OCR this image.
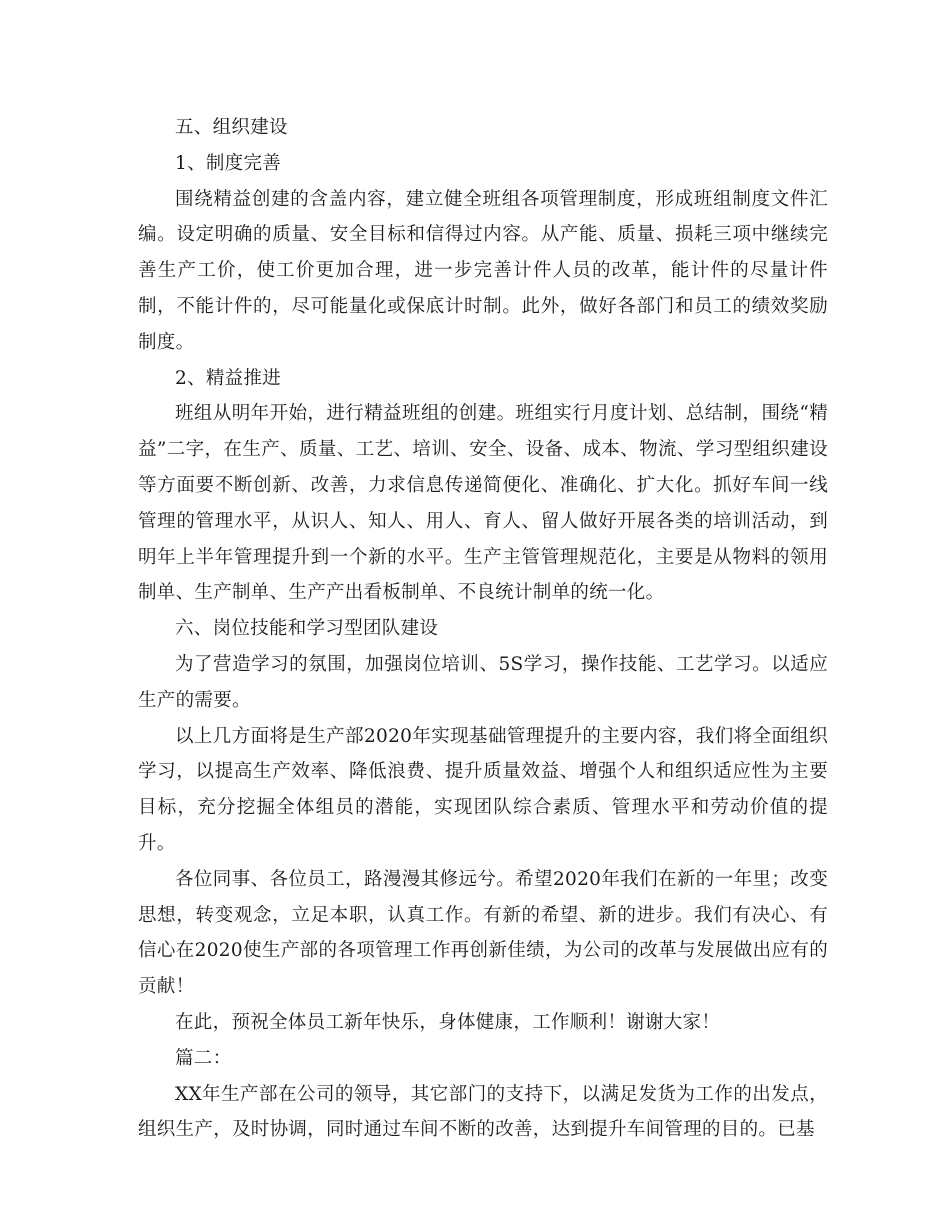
五、组织建设

1、制度完善

围绕精益创建的含盖内容，建立健全班组各项管理制度，形成班组制度文件汇编。设定明确的质量、安全目标和信得过内容。从产能、质量、损耗三项中继续完善生产工价，使工价更加合理，进一步完善计件人员的改革，能计件的尽量计件制，不能计件的，尽可能量化或保底计时制。此外，做好各部门和员工的绩效奖励制度。

2、精益推进

班组从明年开始，进行精益班组的创建。班组实行月度计划、总结制，围绕“精益”二字，在生产、质量、工艺、培训、安全、设备、成本、物流、学习型组织建设等方面要不断创新、改善，力求信息传递简便化、准确化、扩大化。抓好车间一线管理的管理水平，从识人、知人、用人、育人、留人做好开展各类的培训活动，到明年上半年管理提升到一个新的水平。生产主管管理规范化，主要是从物料的领用制单、生产制单、生产产出看板制单、不良统计制单的统一化。

六、岗位技能和学习型团队建设

为了营造学习的氛围，加强岗位培训、5S学习，操作技能、工艺学习。以适应生产的需要。

以上几方面将是生产部2020年实现基础管理提升的主要内容，我们将全面组织学习，以提高生产效率、降低浪费、提升质量效益、增强个人和组织适应性为主要目标，充分挖掘全体组员的潜能，实现团队综合素质、管理水平和劳动价值的提升。

各位同事、各位员工，路漫漫其修远兮。希望2020年我们在新的一年里；改变思想，转变观念，立足本职，认真工作。有新的希望、新的进步。我们有决心、有信心在2020使生产部的各项管理工作再创新佳绩，为公司的改革与发展做出应有的贡献！

在此，预祝全体员工新年快乐，身体健康，工作顺利！谢谢大家！

篇二：

XX年生产部在公司的领导，其它部门的支持下，以满足发货为工作的出发点，组织生产，及时协调，同时通过车间不断的改善，达到提升车间管理的目的。已基
